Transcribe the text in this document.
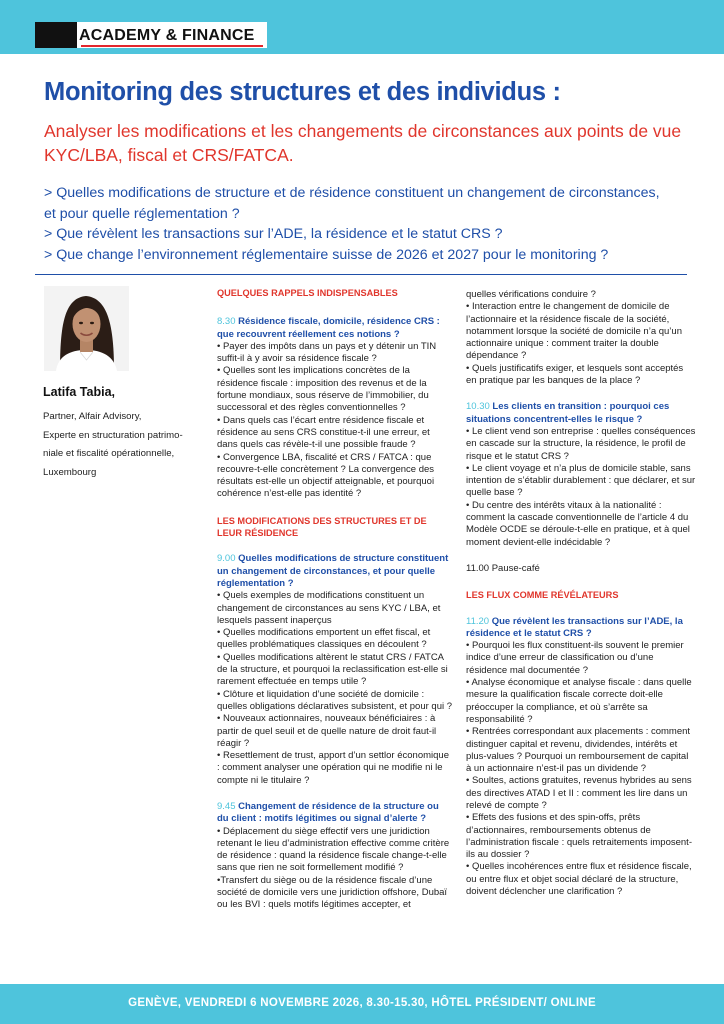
ACADEMY & FINANCE
Monitoring des structures et des individus :

Analyser les modifications et les changements de circonstances aux points de vue KYC/LBA, fiscal et CRS/FATCA.

> Quelles modifications de structure et de résidence constituent un changement de circonstances,
et pour quelle réglementation ?
> Que révèlent les transactions sur l’ADE, la résidence et le statut CRS ?
> Que change l’environnement réglementaire suisse de 2026 et 2027 pour le monitoring ?
Latifa Tabia,
Partner, Alfair Advisory,
Experte en structuration patrimo-
niale et fiscalité opérationnelle,
Luxembourg
QUELQUES RAPPELS INDISPENSABLES
8.30 Résidence fiscale, domicile, résidence CRS : que recouvrent réellement ces notions ?
• Payer des impôts dans un pays et y détenir un TIN suffit-il à y avoir sa résidence fiscale ?
• Quelles sont les implications concrètes de la résidence fiscale : imposition des revenus et de la fortune mondiaux, sous réserve de l’immobilier, du successoral et des règles conventionnelles ?
• Dans quels cas l’écart entre résidence fiscale et résidence au sens CRS constitue-t-il une erreur, et dans quels cas révèle-t-il une possible fraude ?
• Convergence LBA, fiscalité et CRS / FATCA : que recouvre-t-elle concrètement ? La convergence des résultats est-elle un objectif atteignable, et pourquoi cohérence n’est-elle pas identité ?
LES MODIFICATIONS DES STRUCTURES ET DE LEUR RÉSIDENCE
9.00 Quelles modifications de structure constituent un changement de circonstances, et pour quelle réglementation ?
• Quels exemples de modifications constituent un changement de circonstances au sens KYC / LBA, et lesquels passent inaperçus
• Quelles modifications emportent un effet fiscal, et quelles problématiques classiques en découlent ?
• Quelles modifications altèrent le statut CRS / FATCA de la structure, et pourquoi la reclassification est-elle si rarement effectuée en temps utile ?
• Clôture et liquidation d’une société de domicile : quelles obligations déclaratives subsistent, et pour qui ?
• Nouveaux actionnaires, nouveaux bénéficiaires : à partir de quel seuil et de quelle nature de droit faut-il réagir ?
• Resettlement de trust, apport d’un settlor économique : comment analyser une opération qui ne modifie ni le compte ni le titulaire ?
9.45 Changement de résidence de la structure ou du client : motifs légitimes ou signal d’alerte ?
• Déplacement du siège effectif vers une juridiction retenant le lieu d’administration effective comme critère de résidence : quand la résidence fiscale change-t-elle sans que rien ne soit formellement modifié ?
•Transfert du siège ou de la résidence fiscale d’une société de domicile vers une juridiction offshore, Dubaï ou les BVI : quels motifs légitimes accepter, et
quelles vérifications conduire ?
• Interaction entre le changement de domicile de l’actionnaire et la résidence fiscale de la société, notamment lorsque la société de domicile n’a qu’un actionnaire unique : comment traiter la double dépendance ?
• Quels justificatifs exiger, et lesquels sont acceptés en pratique par les banques de la place ?
10.30 Les clients en transition : pourquoi ces situations concentrent-elles le risque ?
• Le client vend son entreprise : quelles conséquences en cascade sur la structure, la résidence, le profil de risque et le statut CRS ?
• Le client voyage et n’a plus de domicile stable, sans intention de s’établir durablement : que déclarer, et sur quelle base ?
• Du centre des intérêts vitaux à la nationalité : comment la cascade conventionnelle de l’article 4 du Modèle OCDE se déroule-t-elle en pratique, et à quel moment devient-elle indécidable ?
11.00 Pause-café
LES FLUX COMME RÉVÉLATEURS
11.20 Que révèlent les transactions sur l’ADE, la résidence et le statut CRS ?
• Pourquoi les flux constituent-ils souvent le premier indice d’une erreur de classification ou d’une résidence mal documentée ?
• Analyse économique et analyse fiscale : dans quelle mesure la qualification fiscale correcte doit-elle préoccuper la compliance, et où s’arrête sa responsabilité ?
• Rentrées correspondant aux placements : comment distinguer capital et revenu, dividendes, intérêts et plus-values ? Pourquoi un remboursement de capital à un actionnaire n’est-il pas un dividende ?
• Soultes, actions gratuites, revenus hybrides au sens des directives ATAD I et II : comment les lire dans un relevé de compte ?
• Effets des fusions et des spin-offs, prêts d’actionnaires, remboursements obtenus de l’administration fiscale : quels retraitements imposent-ils au dossier ?
• Quelles incohérences entre flux et résidence fiscale, ou entre flux et objet social déclaré de la structure, doivent déclencher une clarification ?
GENÈVE, VENDREDI 6 NOVEMBRE 2026, 8.30-15.30, HÔTEL PRÉSIDENT/ ONLINE
